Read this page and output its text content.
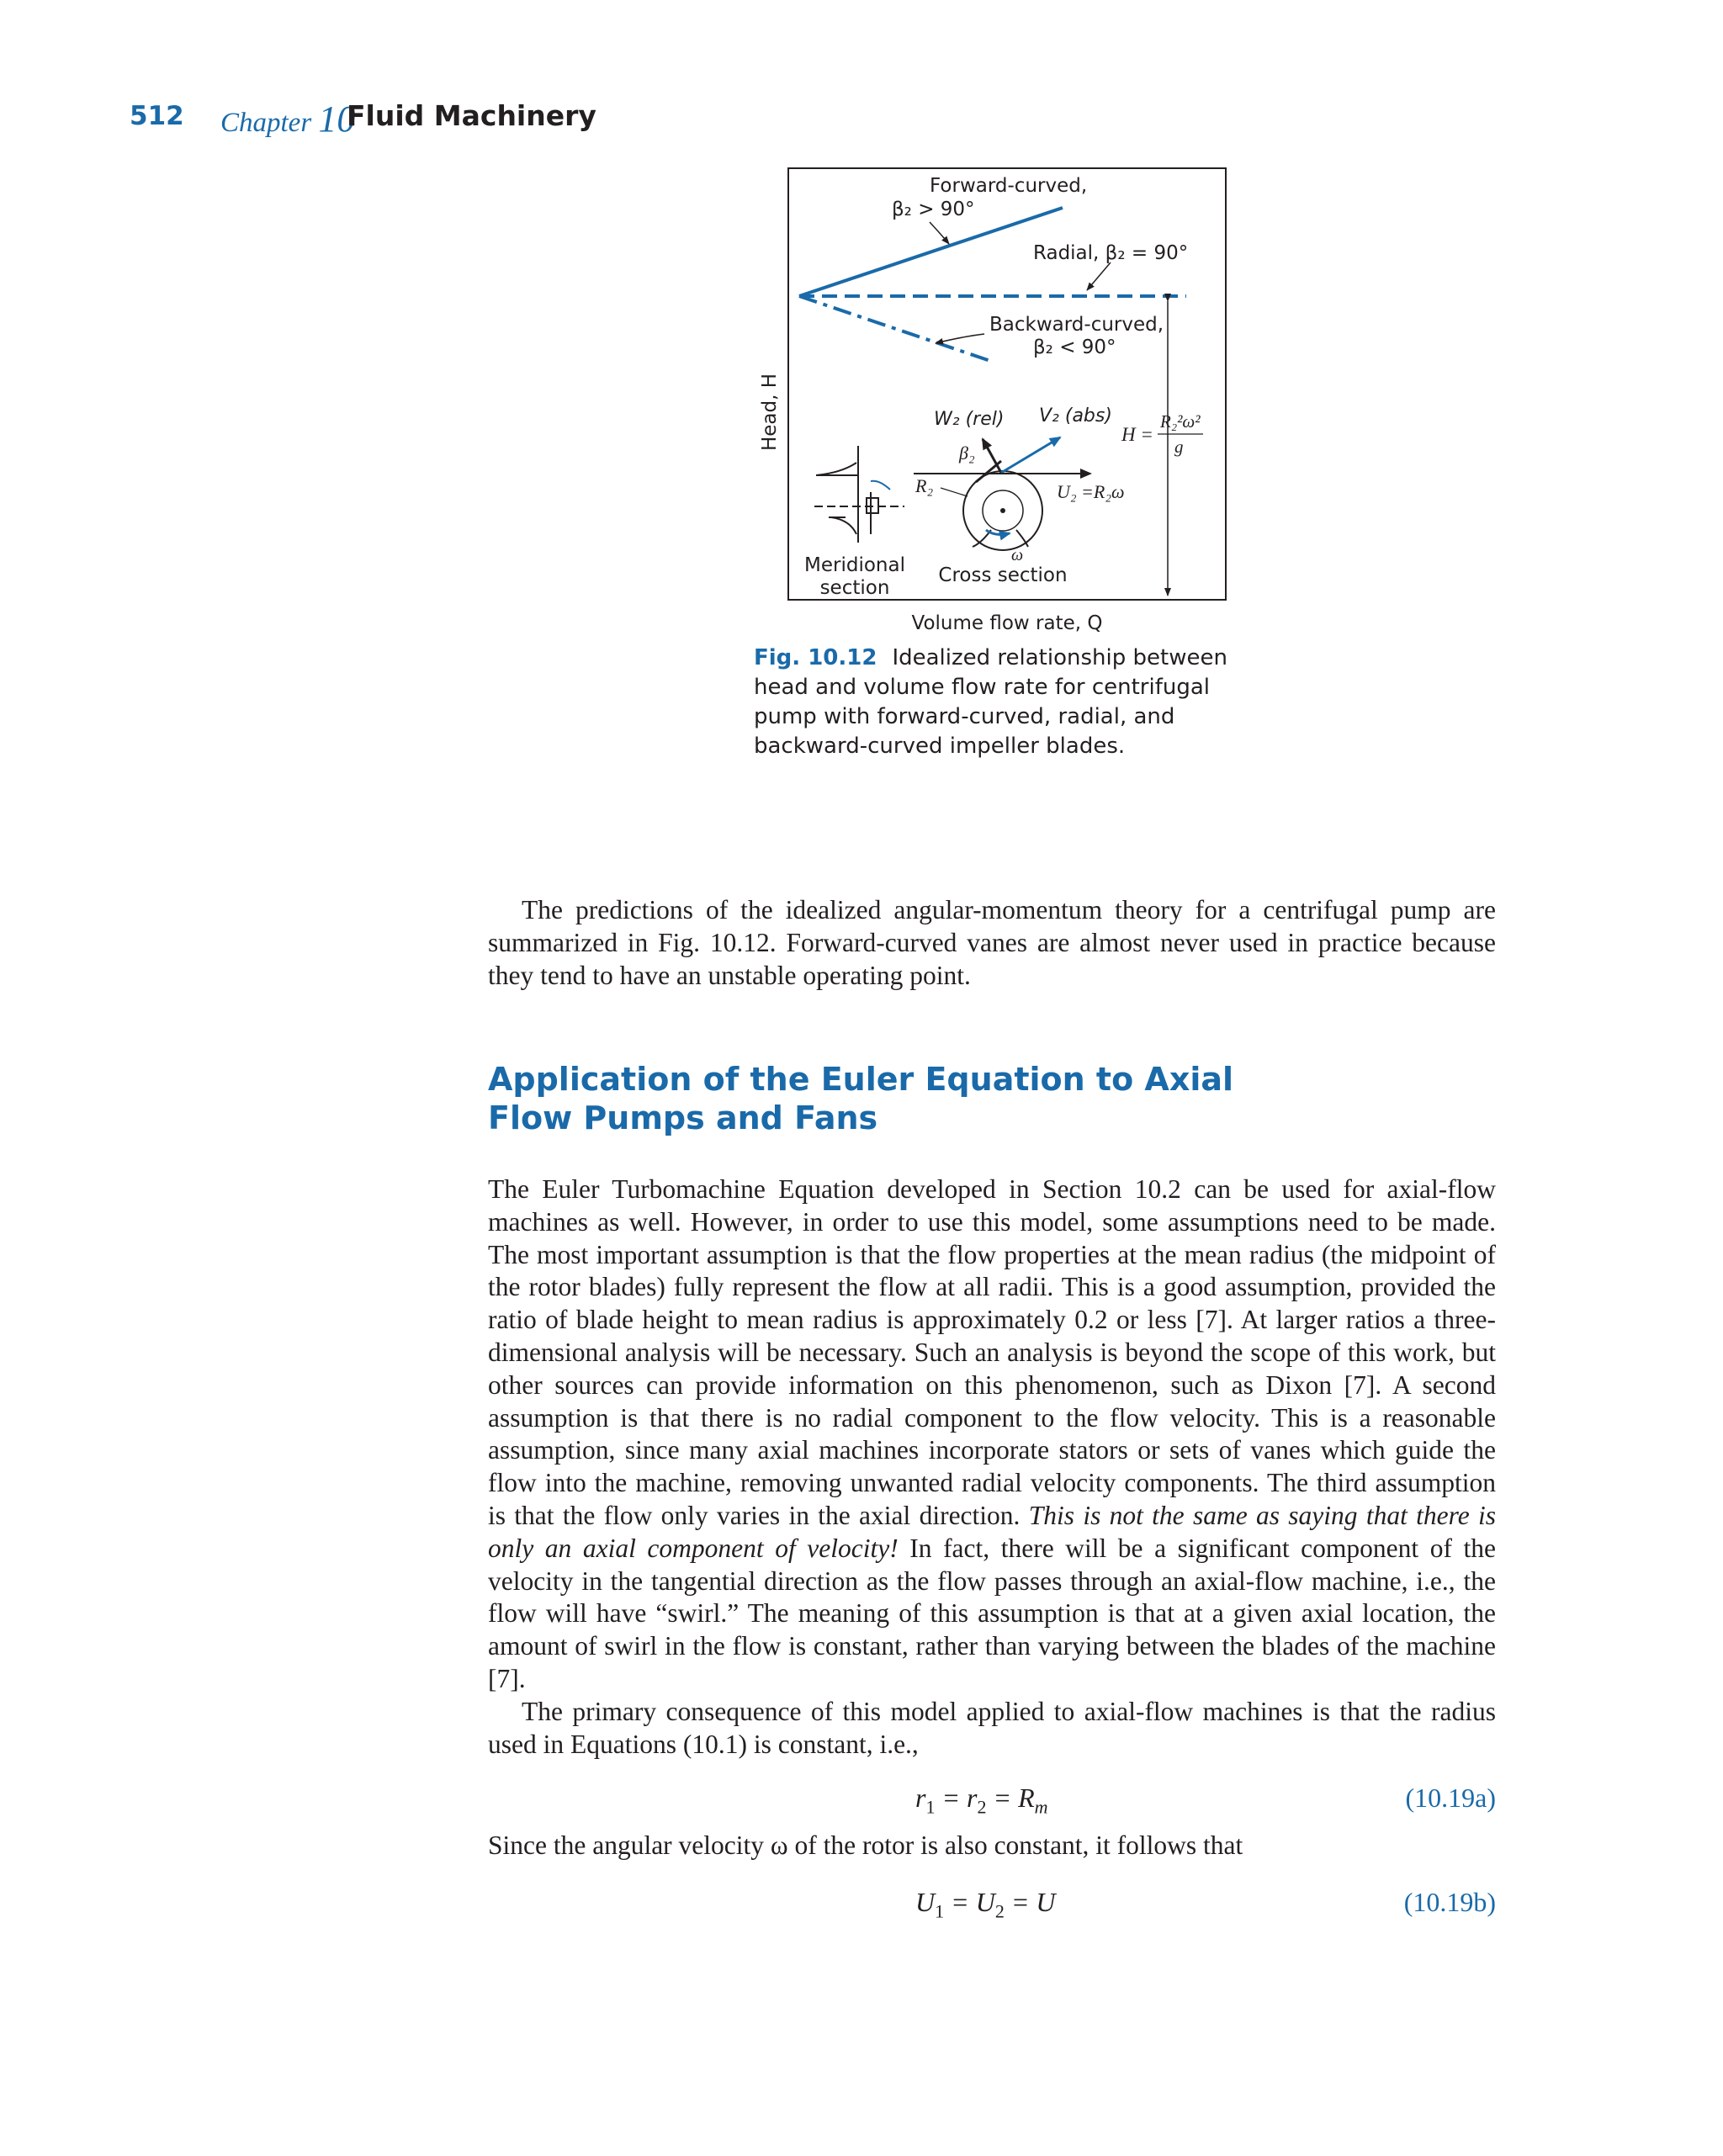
512 Chapter 10
Fluid Machinery
Forward-curved,
β₂ > 90°
Radial, β₂ = 90°
Backward-curved,
β₂ < 90°
Head, H
Volume flow rate, Q
H =
R₂²ω²
g
ω
W₂ (rel) V₂ (abs)
β₂
R₂	U₂ =R₂ω
Meridional
section
Cross section
Fig. 10.12 Idealized relationship between head and volume flow rate for centrifugal pump with forward-curved, radial, and backward-curved impeller blades.

The predictions of the idealized angular-momentum theory for a centrifugal pump are summarized in Fig. 10.12. Forward-curved vanes are almost never used in practice because they tend to have an unstable operating point.

Application of the Euler Equation to Axial
Flow Pumps and Fans

The Euler Turbomachine Equation developed in Section 10.2 can be used for axial-flow machines as well. However, in order to use this model, some assumptions need to be made. The most important assumption is that the flow properties at the mean radius (the midpoint of the rotor blades) fully represent the flow at all radii. This is a good assumption, provided the ratio of blade height to mean radius is approximately 0.2 or less [7]. At larger ratios a three-dimensional analysis will be necessary. Such an analysis is beyond the scope of this work, but other sources can provide information on this phenomenon, such as Dixon [7]. A second assumption is that there is no radial component to the flow velocity. This is a reasonable assumption, since many axial machines incorporate stators or sets of vanes which guide the flow into the machine, removing unwanted radial velocity components. The third assumption is that the flow only varies in the axial direction. This is not the same as saying that there is only an axial component of velocity! In fact, there will be a significant component of the velocity in the tangential direction as the flow passes through an axial-flow machine, i.e., the flow will have “swirl.” The meaning of this assumption is that at a given axial location, the amount of swirl in the flow is constant, rather than varying between the blades of the machine [7].

The primary consequence of this model applied to axial-flow machines is that the radius used in Equations (10.1) is constant, i.e.,

$r_1 = r_2 = R_m$	(10.19a)

Since the angular velocity ω of the rotor is also constant, it follows that

$U_1 = U_2 = U$	(10.19b)
